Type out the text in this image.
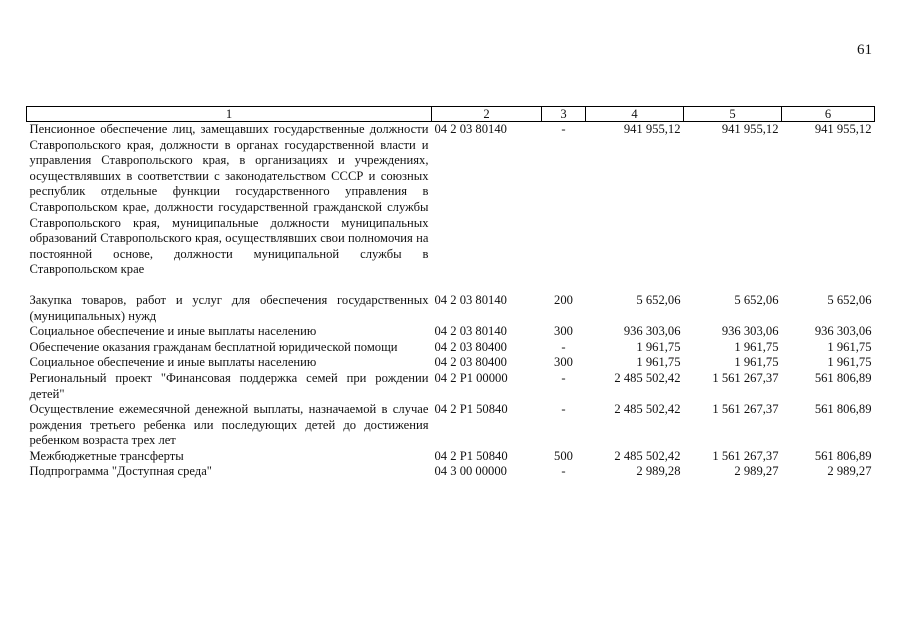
61
1	2	3	4	5	6
Пенсионное обеспечение лиц, замещавших государственные должности Ставропольского края, должности в органах государственной власти и управления Ставропольского края, в организациях и учреждениях, осуществлявших в соответствии с законодательством СССР и союзных республик отдельные функции государственного управления в Ставропольском крае, должности государственной гражданской службы Ставропольского края, муниципальные должности муниципальных образований Ставропольского края, осуществлявших свои полномочия на постоянной основе, должности муниципальной службы в Ставропольском крае	04 2 03 80140	-	941 955,12	941 955,12	941 955,12

Закупка товаров, работ и услуг для обеспечения государственных (муниципальных) нужд	04 2 03 80140	200	5 652,06	5 652,06	5 652,06
Социальное обеспечение и иные выплаты населению	04 2 03 80140	300	936 303,06	936 303,06	936 303,06
Обеспечение оказания гражданам бесплатной юридической помощи	04 2 03 80400	-	1 961,75	1 961,75	1 961,75
Социальное обеспечение и иные выплаты населению	04 2 03 80400	300	1 961,75	1 961,75	1 961,75
Региональный проект "Финансовая поддержка семей при рождении детей"	04 2 P1 00000	-	2 485 502,42	1 561 267,37	561 806,89
Осуществление ежемесячной денежной выплаты, назначаемой в случае рождения третьего ребенка или последующих детей до достижения ребенком возраста трех лет	04 2 P1 50840	-	2 485 502,42	1 561 267,37	561 806,89
Межбюджетные трансферты	04 2 P1 50840	500	2 485 502,42	1 561 267,37	561 806,89
Подпрограмма "Доступная среда"	04 3 00 00000	-	2 989,28	2 989,27	2 989,27
